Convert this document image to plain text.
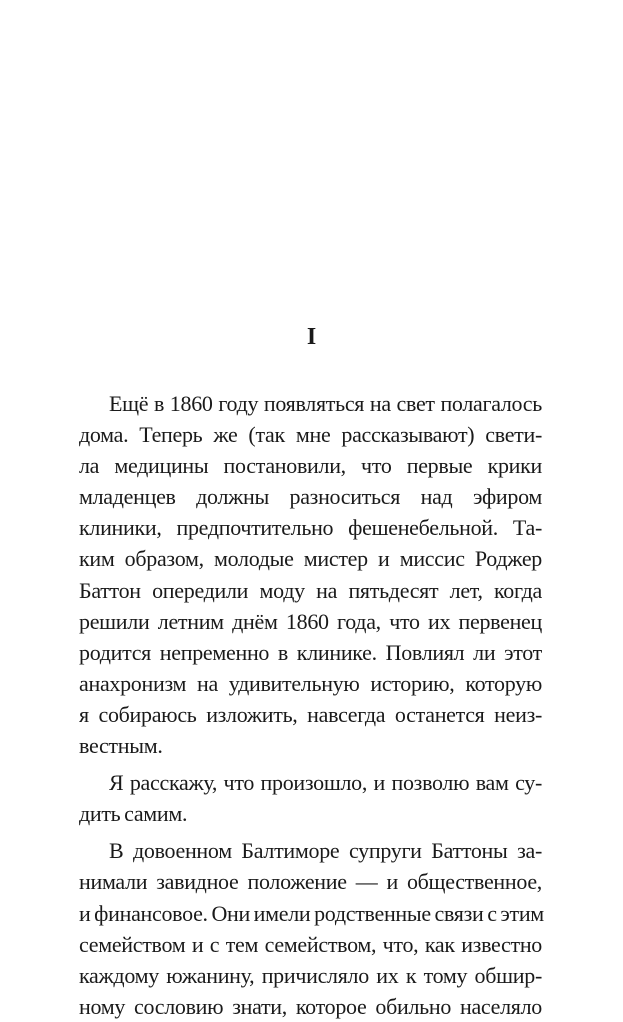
I

Ещё в 1860 году появляться на свет полагалось
дома. Теперь же (так мне рассказывают) свети-
ла медицины постановили, что первые крики
младенцев должны разноситься над эфиром
клиники, предпочтительно фешенебельной. Та-
ким образом, молодые мистер и миссис Роджер
Баттон опередили моду на пятьдесят лет, когда
решили летним днём 1860 года, что их первенец
родится непременно в клинике. Повлиял ли этот
анахронизм на удивительную историю, которую
я собираюсь изложить, навсегда останется неиз-
вестным.

Я расскажу, что произошло, и позволю вам су-
дить самим.

В довоенном Балтиморе супруги Баттоны за-
нимали завидное положение — и общественное,
и финансовое. Они имели родственные связи с этим
семейством и с тем семейством, что, как известно
каждому южанину, причисляло их к тому обшир-
ному сословию знати, которое обильно населяло
